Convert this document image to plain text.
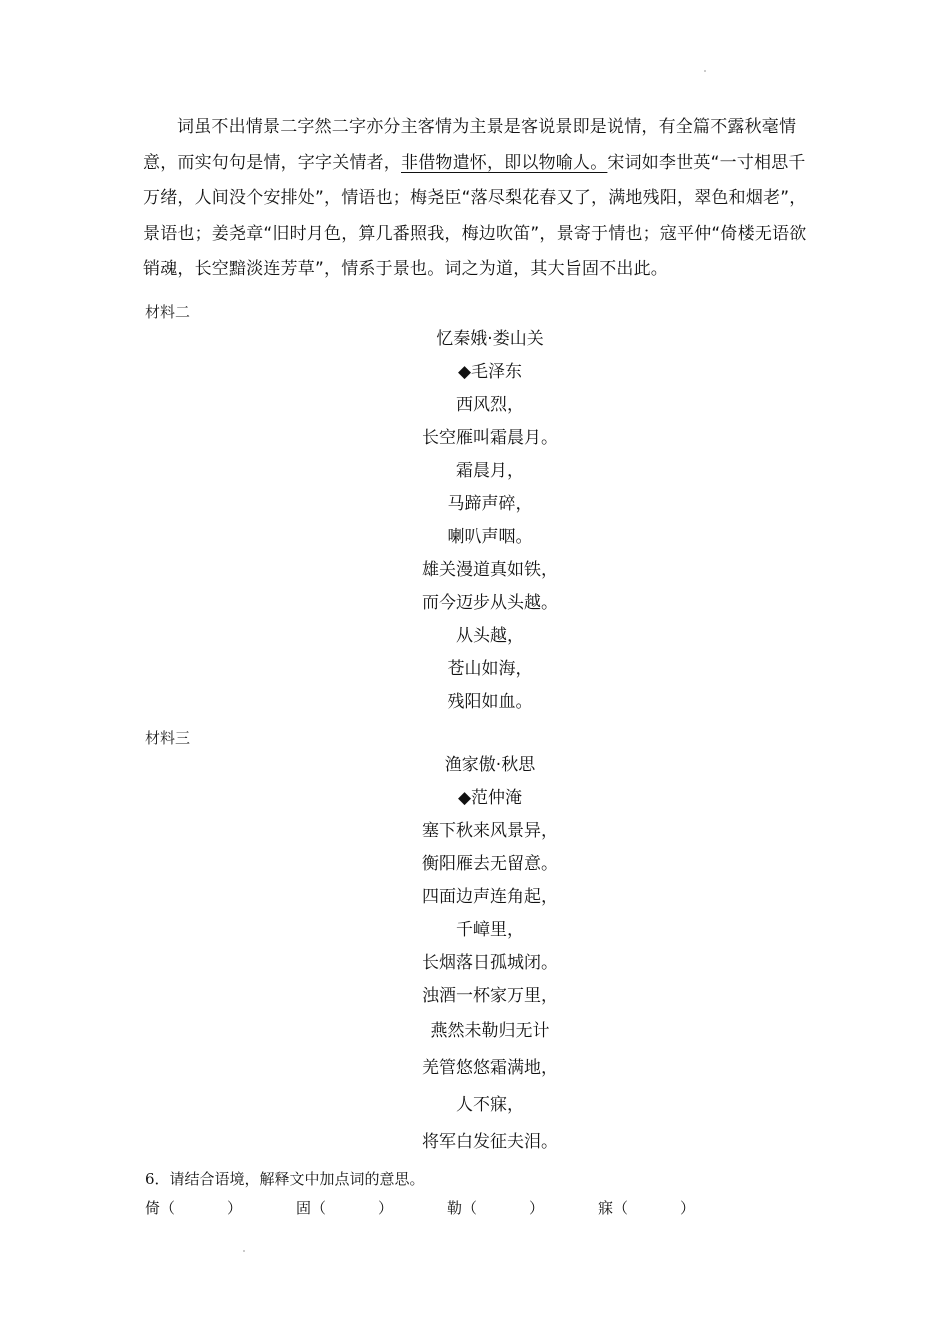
词虽不出情景二字然二字亦分主客情为主景是客说景即是说情，有全篇不露秋毫情意，而实句句是情，字字关情者，非借物遣怀，即以物喻人。宋词如李世英“一寸相思千万绪，人间没个安排处”，情语也；梅尧臣“落尽梨花春又了，满地残阳，翠色和烟老”，景语也；姜尧章“旧时月色，算几番照我，梅边吹笛”，景寄于情也；寇平仲“倚楼无语欲销魂，长空黯淡连芳草”，情系于景也。词之为道，其大旨固不出此。
材料二
忆秦娥·娄山关
◆毛泽东
西风烈，
长空雁叫霜晨月。
霜晨月，
马蹄声碎，
喇叭声咽。
雄关漫道真如铁，
而今迈步从头越。
从头越，
苍山如海，
残阳如血。
材料三
渔家傲·秋思
◆范仲淹
塞下秋来风景异，
衡阳雁去无留意。
四面边声连角起，
千嶂里，
长烟落日孤城闭。
浊酒一杯家万里，
燕然未勒归无计
羌管悠悠霜满地，
人不寐，
将军白发征夫泪。
6．请结合语境，解释文中加点词的意思。
倚 （	）	固 （	）	勒 （	）	寐 （	）
